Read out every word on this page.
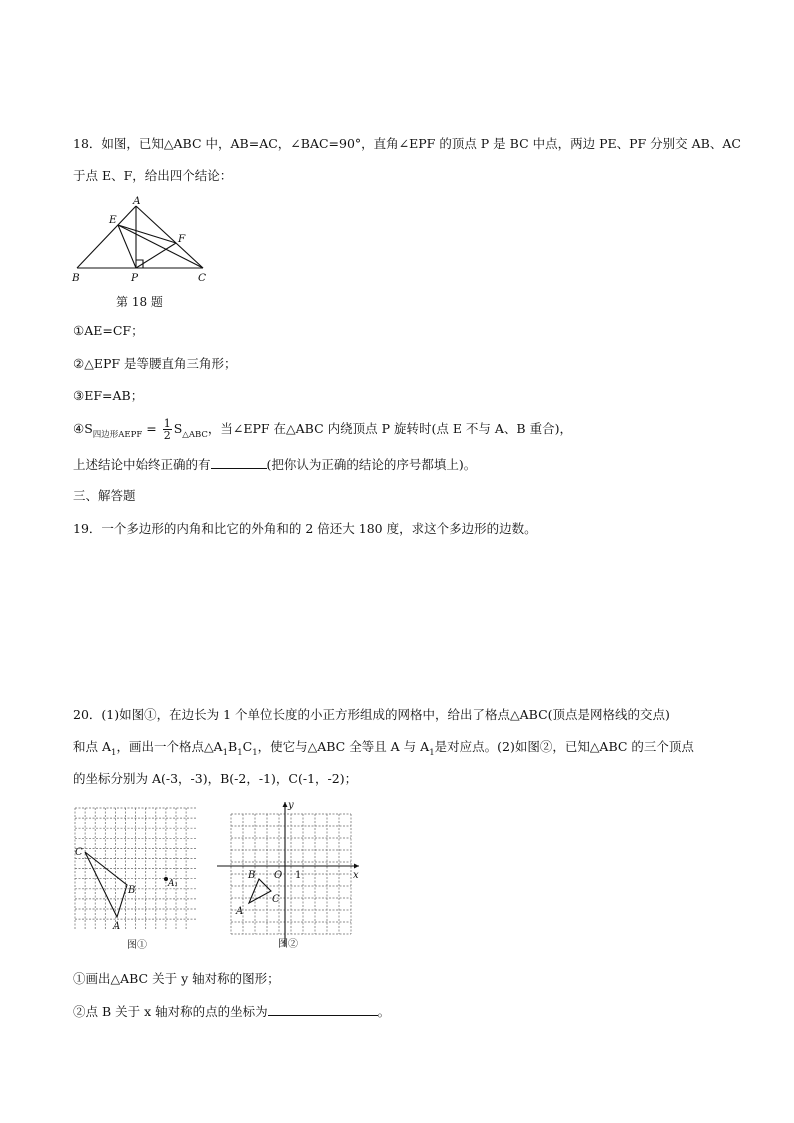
18．如图，已知△ABC 中，AB=AC，∠BAC=90°，直角∠EPF 的顶点 P 是 BC 中点，两边 PE、PF 分别交 AB、AC
于点 E、F，给出四个结论：
A
B	C
E
F
P
第 18 题
①AE=CF；
②△EPF 是等腰直角三角形；
③EF=AB；
$④S_{四边形AEPF} = \frac{1}{2} S_{\triangle ABC}$，当∠EPF 在△ABC 内绕顶点 P 旋转时(点 E 不与 A、B 重合)，
上述结论中始终正确的有	(把你认为正确的结论的序号都填上)。
三、解答题
19．一个多边形的内角和比它的外角和的 2 倍还大 180 度，求这个多边形的边数。
20．(1)如图①，在边长为 1 个单位长度的小正方形组成的网格中，给出了格点△ABC(顶点是网格线的交点)
和点 $A_1$，画出一个格点$\triangle A_1B_1C_1$，使它与△ABC 全等且 A 与 $A_1$是对应点。(2)如图②，已知△ABC 的三个顶点
的坐标分别为 A(-3，-3)，B(-2，-1)，C(-1，-2)；
C
B
A
A₁
图①
y
x
O 1
B
C
A
图②
①画出△ABC 关于 y 轴对称的图形；
②点 B 关于 x 轴对称的点的坐标为	。
